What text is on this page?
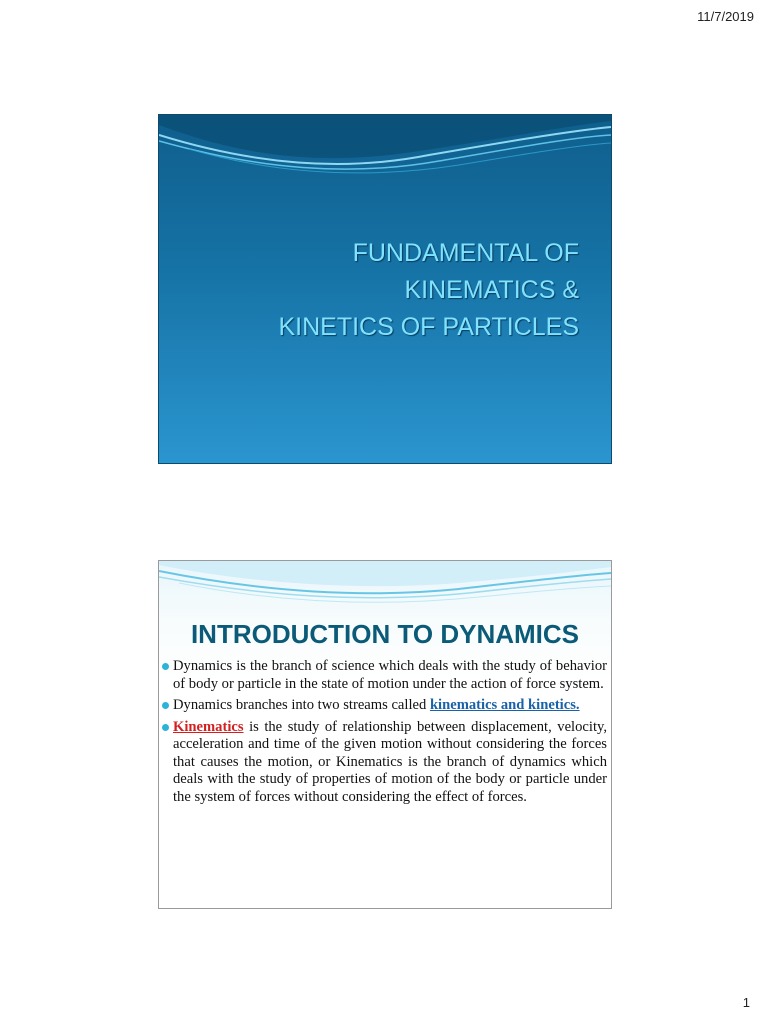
11/7/2019
FUNDAMENTAL OF
KINEMATICS &
KINETICS OF PARTICLES
INTRODUCTION TO DYNAMICS
Dynamics is the branch of science which deals with the study of behavior of body or particle in the state of motion under the action of force system.
Dynamics branches into two streams called kinematics and kinetics.
Kinematics is the study of relationship between displacement, velocity, acceleration and time of the given motion without considering the forces that causes the motion, or Kinematics is the branch of dynamics which deals with the study of properties of motion of the body or particle under the system of forces without considering the effect of forces.
1
